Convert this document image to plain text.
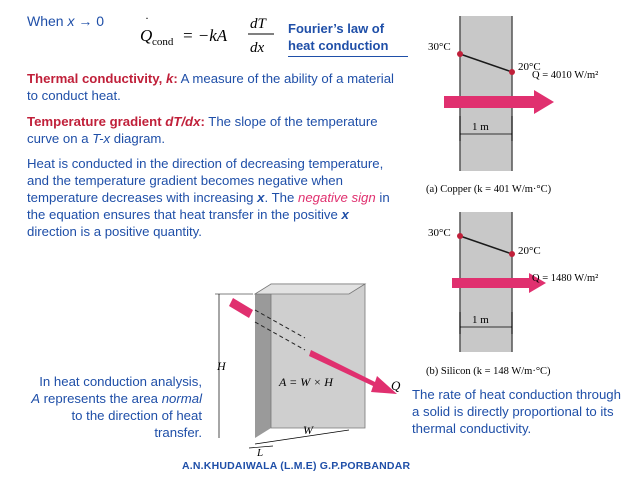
When x → 0
Q
·
cond = −kA
dT
dx
Fourier’s law of
heat conduction
Thermal conductivity, k: A measure of the ability of a material to conduct heat.
Temperature gradient dT/dx: The slope of the temperature curve on a T-x diagram.
Heat is conducted in the direction of decreasing temperature, and the temperature gradient becomes negative when temperature decreases with increasing x. The negative sign in the equation ensures that heat transfer in the positive x direction is a positive quantity.
30°C
20°C
Q = 4010 W/m²
1 m
(a) Copper (k = 401 W/m·°C)
30°C
20°C
Q = 1480 W/m²
1 m
(b) Silicon (k = 148 W/m·°C)
H
A = W × H	Q
W
L
In heat conduction analysis, A represents the area normal to the direction of heat transfer.
The rate of heat conduction through a solid is directly proportional to its thermal conductivity.
A.N.KHUDAIWALA (L.M.E) G.P.PORBANDAR
